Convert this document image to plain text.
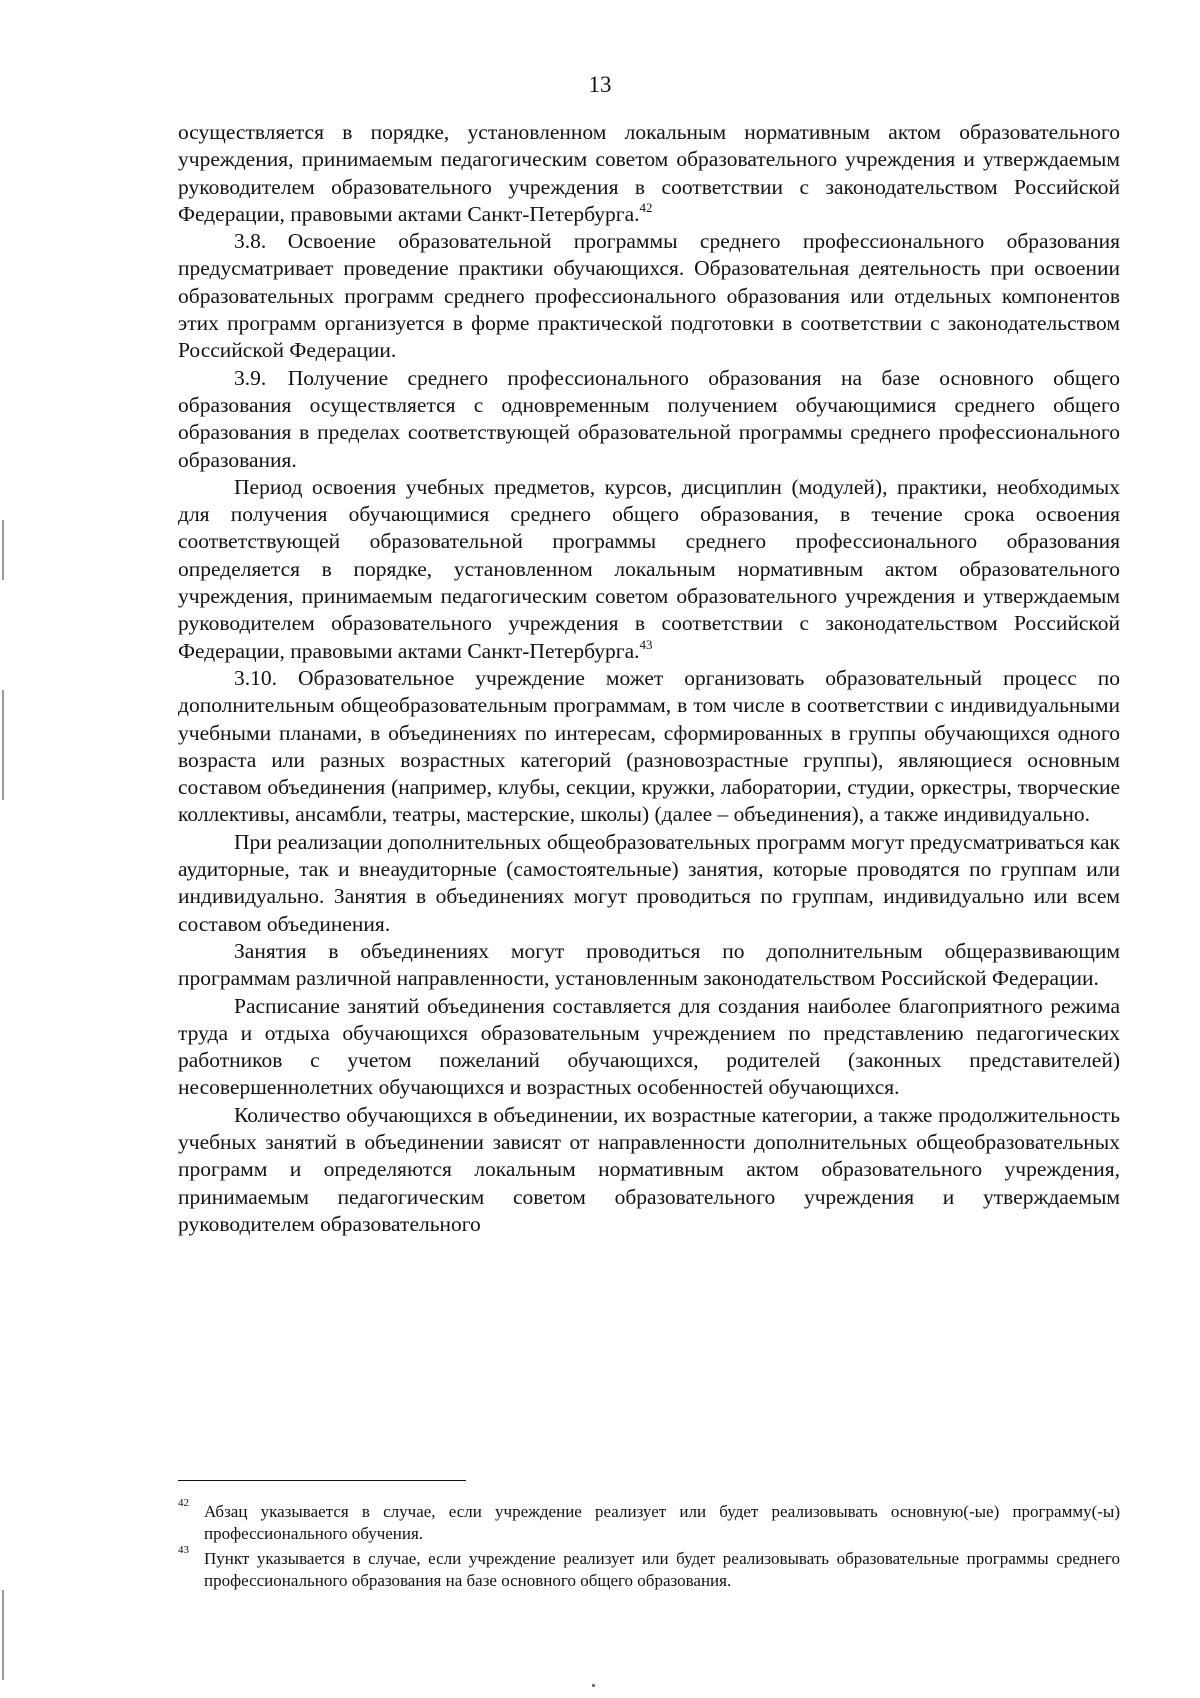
13

осуществляется в порядке, установленном локальным нормативным актом образовательного учреждения, принимаемым педагогическим советом образовательного учреждения и утверждаемым руководителем образовательного учреждения в соответствии с законодательством Российской Федерации, правовыми актами Санкт-Петербурга.$^{42}$

3.8. Освоение образовательной программы среднего профессионального образования предусматривает проведение практики обучающихся. Образовательная деятельность при освоении образовательных программ среднего профессионального образования или отдельных компонентов этих программ организуется в форме практической подготовки в соответствии с законодательством Российской Федерации.

3.9. Получение среднего профессионального образования на базе основного общего образования осуществляется с одновременным получением обучающимися среднего общего образования в пределах соответствующей образовательной программы среднего профессионального образования.

Период освоения учебных предметов, курсов, дисциплин (модулей), практики, необходимых для получения обучающимися среднего общего образования, в течение срока освоения соответствующей образовательной программы среднего профессионального образования определяется в порядке, установленном локальным нормативным актом образовательного учреждения, принимаемым педагогическим советом образовательного учреждения и утверждаемым руководителем образовательного учреждения в соответствии с законодательством Российской Федерации, правовыми актами Санкт-Петербурга.$^{43}$

3.10. Образовательное учреждение может организовать образовательный процесс по дополнительным общеобразовательным программам, в том числе в соответствии с индивидуальными учебными планами, в объединениях по интересам, сформированных в группы обучающихся одного возраста или разных возрастных категорий (разновозрастные группы), являющиеся основным составом объединения (например, клубы, секции, кружки, лаборатории, студии, оркестры, творческие коллективы, ансамбли, театры, мастерские, школы) (далее – объединения), а также индивидуально.

При реализации дополнительных общеобразовательных программ могут предусматриваться как аудиторные, так и внеаудиторные (самостоятельные) занятия, которые проводятся по группам или индивидуально. Занятия в объединениях могут проводиться по группам, индивидуально или всем составом объединения.

Занятия в объединениях могут проводиться по дополнительным общеразвивающим программам различной направленности, установленным законодательством Российской Федерации.

Расписание занятий объединения составляется для создания наиболее благоприятного режима труда и отдыха обучающихся образовательным учреждением по представлению педагогических работников с учетом пожеланий обучающихся, родителей (законных представителей) несовершеннолетних обучающихся и возрастных особенностей обучающихся.

Количество обучающихся в объединении, их возрастные категории, а также продолжительность учебных занятий в объединении зависят от направленности дополнительных общеобразовательных программ и определяются локальным нормативным актом образовательного учреждения, принимаемым педагогическим советом образовательного учреждения и утверждаемым руководителем образовательного

42 Абзац указывается в случае, если учреждение реализует или будет реализовывать основную(-ые) программу(-ы) профессионального обучения.
43 Пункт указывается в случае, если учреждение реализует или будет реализовывать образовательные программы среднего профессионального образования на базе основного общего образования.
